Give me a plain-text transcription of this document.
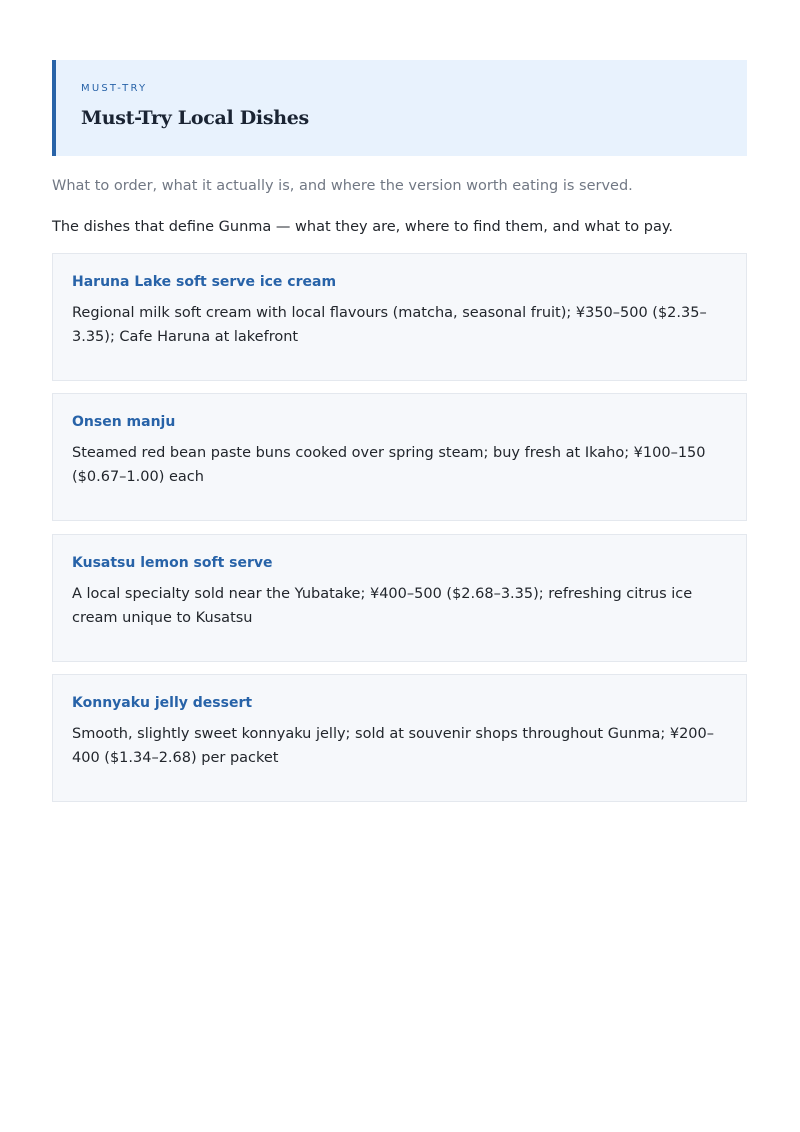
MUST-TRY
Must-Try Local Dishes
What to order, what it actually is, and where the version worth eating is served.
The dishes that define Gunma — what they are, where to find them, and what to pay.
Haruna Lake soft serve ice cream
Regional milk soft cream with local flavours (matcha, seasonal fruit); ¥350–500 ($2.35–3.35); Cafe Haruna at lakefront
Onsen manju
Steamed red bean paste buns cooked over spring steam; buy fresh at Ikaho; ¥100–150 ($0.67–1.00) each
Kusatsu lemon soft serve
A local specialty sold near the Yubatake; ¥400–500 ($2.68–3.35); refreshing citrus ice cream unique to Kusatsu
Konnyaku jelly dessert
Smooth, slightly sweet konnyaku jelly; sold at souvenir shops throughout Gunma; ¥200–400 ($1.34–2.68) per packet
